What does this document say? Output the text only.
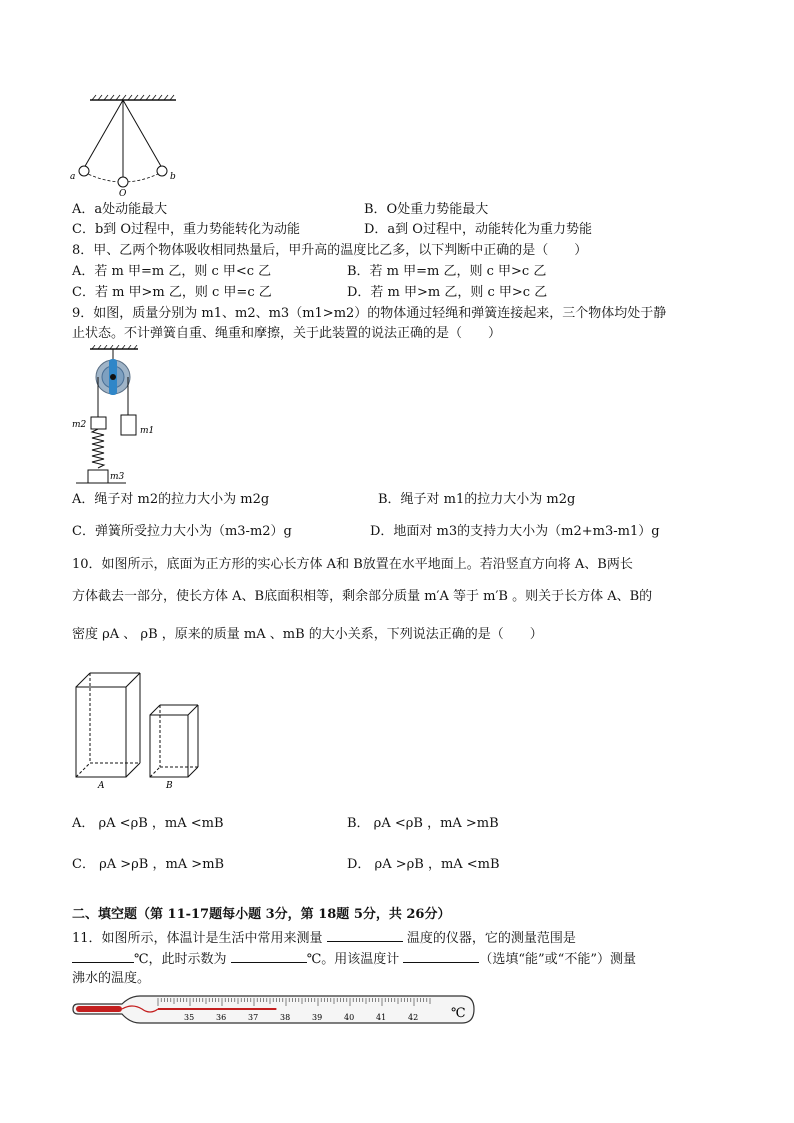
a
O
b
A．a处动能最大	B．O处重力势能最大
C．b到 O过程中，重力势能转化为动能	D．a到 O过程中，动能转化为重力势能
8．甲、乙两个物体吸收相同热量后，甲升高的温度比乙多，以下判断中正确的是（　　）
A．若 m 甲=m 乙，则 c 甲<c 乙	B．若 m 甲=m 乙，则 c 甲>c 乙
C．若 m 甲>m 乙，则 c 甲=c 乙	D．若 m 甲>m 乙，则 c 甲>c 乙
9．如图，质量分别为 m1、m2、m3（m1>m2）的物体通过轻绳和弹簧连接起来，三个物体均处于静
止状态。不计弹簧自重、绳重和摩擦，关于此装置的说法正确的是（　　）
m2
m1
m3
A．绳子对 m2的拉力大小为 m2g	B．绳子对 m1的拉力大小为 m2g
C．弹簧所受拉力大小为（m3-m2）g	D．地面对 m3的支持力大小为（m2+m3-m1）g
10．如图所示，底面为正方形的实心长方体 A和 B放置在水平地面上。若沿竖直方向将 A、B两长
方体截去一部分，使长方体 A、B底面积相等，剩余部分质量 m′A 等于 m′B 。则关于长方体 A、B的
密度 ρA 、 ρB ，原来的质量 mA 、mB 的大小关系，下列说法正确的是（　　）
A	B
A． ρA <ρB ，mA <mB	B． ρA <ρB ，mA >mB
C． ρA >ρB ，mA >mB	D． ρA >ρB ，mA <mB
二、填空题（第 11-17题每小题 3分，第 18题 5分，共 26分）
11．如图所示，体温计是生活中常用来测量	温度的仪器，它的测量范围是
℃，此时示数为	℃。用该温度计	（选填“能”或“不能”）测量
沸水的温度。
35	36	37	38	39	40	41	42	℃
